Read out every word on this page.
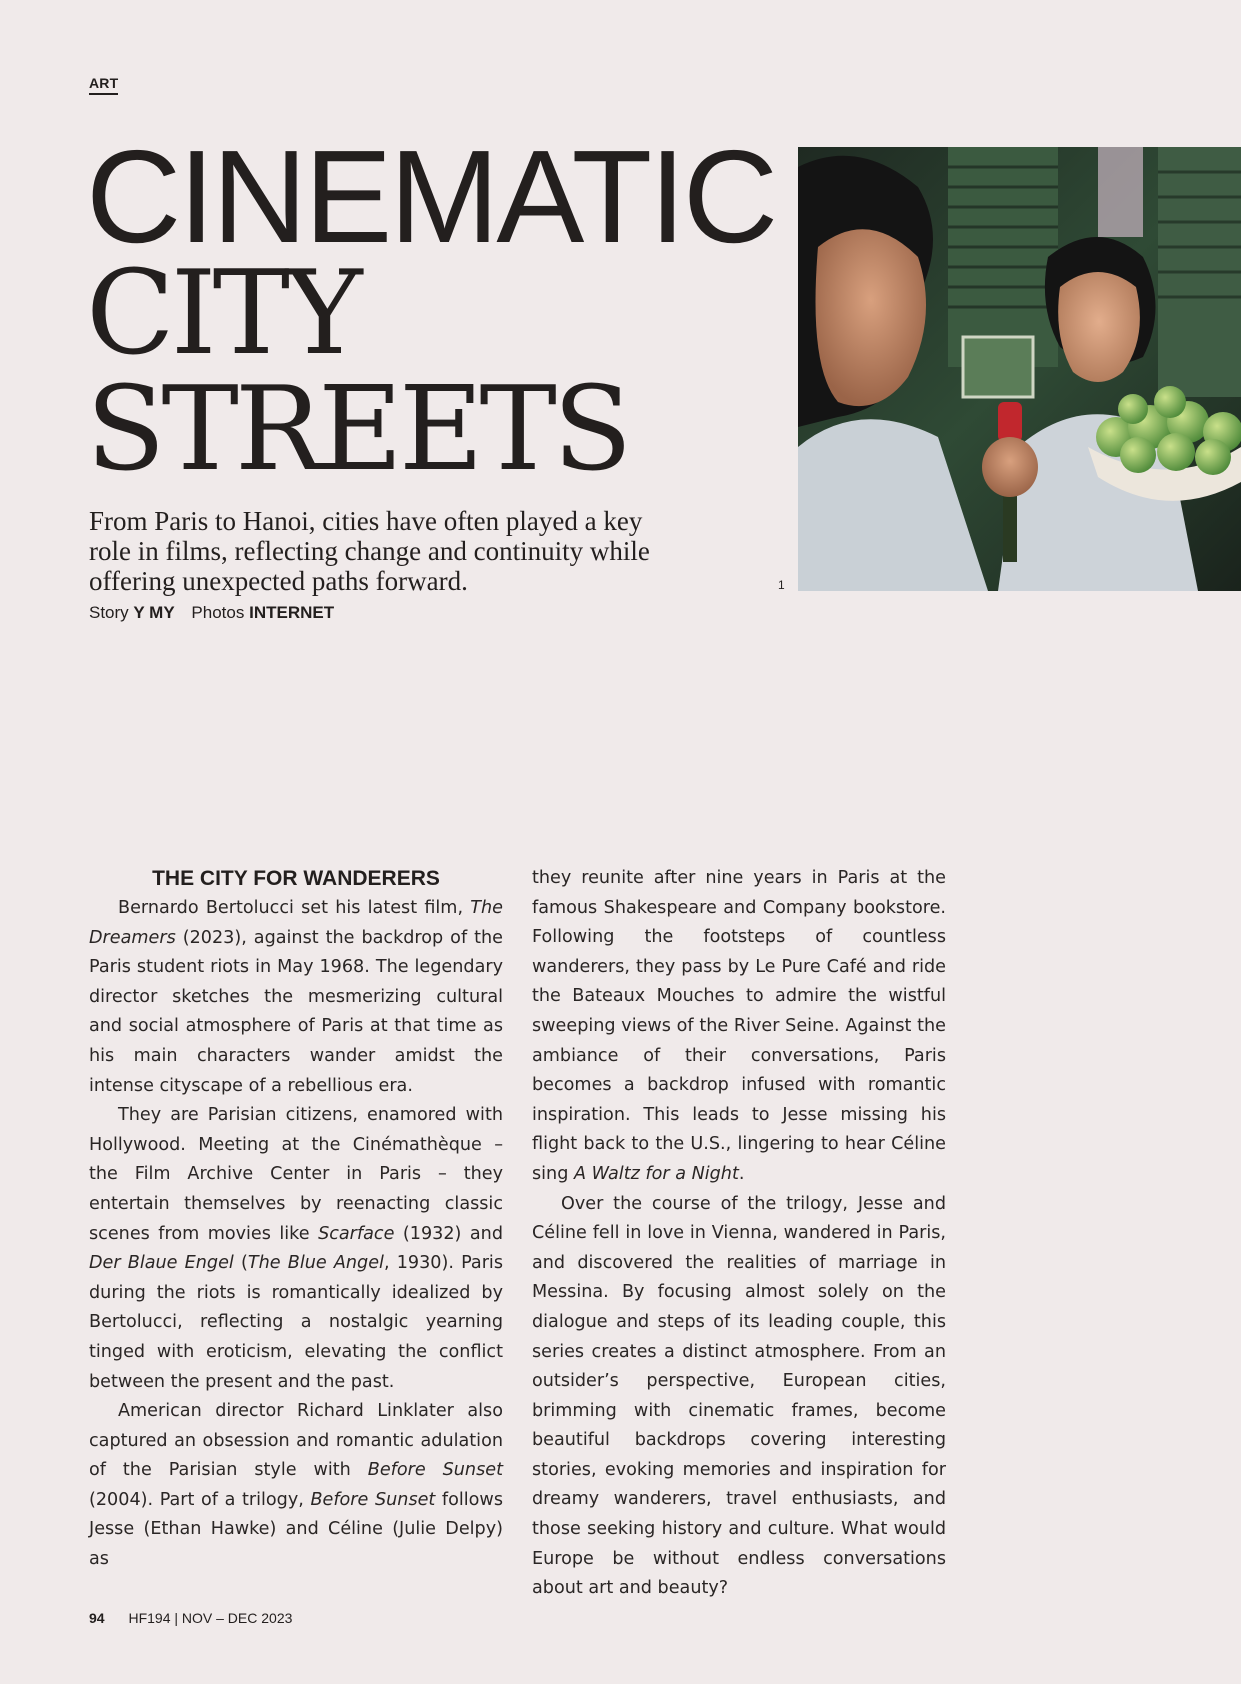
ART
CINEMATIC
CITY
STREETS
From Paris to Hanoi, cities have often played a key role in films, reflecting change and continuity while offering unexpected paths forward.
Story Y MY Photos INTERNET
1
THE CITY FOR WANDERERS

Bernardo Bertolucci set his latest film, The Dreamers (2023), against the backdrop of the Paris student riots in May 1968. The legendary director sketches the mesmerizing cultural and social atmosphere of Paris at that time as his main characters wander amidst the intense cityscape of a rebellious era.

They are Parisian citizens, enamored with Hollywood. Meeting at the Cinémathèque – the Film Archive Center in Paris – they entertain themselves by reenacting classic scenes from movies like Scarface (1932) and Der Blaue Engel (The Blue Angel, 1930). Paris during the riots is romantically idealized by Bertolucci, reflecting a nostalgic yearning tinged with eroticism, elevating the conflict between the present and the past.

American director Richard Linklater also captured an obsession and romantic adulation of the Parisian style with Before Sunset (2004). Part of a trilogy, Before Sunset follows Jesse (Ethan Hawke) and Céline (Julie Delpy) as

they reunite after nine years in Paris at the famous Shakespeare and Company bookstore. Following the footsteps of countless wanderers, they pass by Le Pure Café and ride the Bateaux Mouches to admire the wistful sweeping views of the River Seine. Against the ambiance of their conversations, Paris becomes a backdrop infused with romantic inspiration. This leads to Jesse missing his flight back to the U.S., lingering to hear Céline sing A Waltz for a Night.

Over the course of the trilogy, Jesse and Céline fell in love in Vienna, wandered in Paris, and discovered the realities of marriage in Messina. By focusing almost solely on the dialogue and steps of its leading couple, this series creates a distinct atmosphere. From an outsider’s perspective, European cities, brimming with cinematic frames, become beautiful backdrops covering interesting stories, evoking memories and inspiration for dreamy wanderers, travel enthusiasts, and those seeking history and culture. What would Europe be without endless conversations about art and beauty?

94 HF194 | NOV – DEC 2023
